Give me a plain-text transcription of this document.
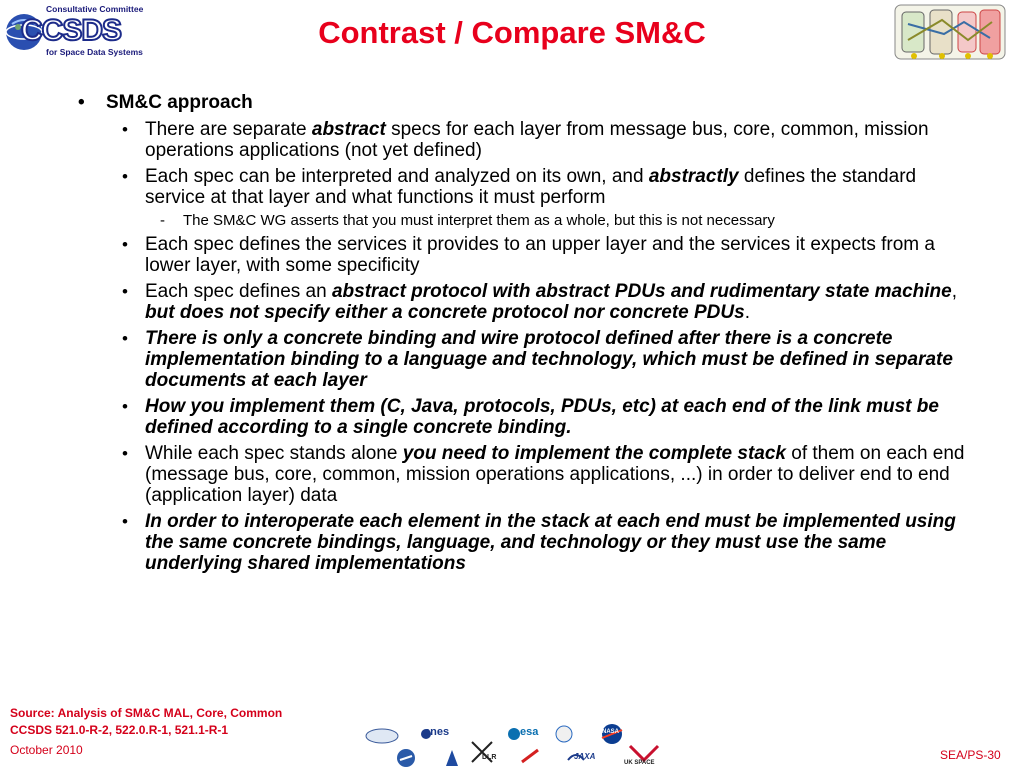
Consultative Committee
CCSDS
for Space Data Systems
Contrast / Compare SM&C
• SM&C approach
• There are separate abstract specs for each layer from message bus, core, common, mission operations applications (not yet defined)
• Each spec can be interpreted and analyzed on its own, and abstractly defines the standard service at that layer and what functions it must perform
- The SM&C WG asserts that you must interpret them as a whole, but this is not necessary
• Each spec defines the services it provides to an upper layer and the services it expects from a lower layer, with some specificity
• Each spec defines an abstract protocol with abstract PDUs and rudimentary state machine, but does not specify either a concrete protocol nor concrete PDUs.
• There is only a concrete binding and wire protocol defined after there is a concrete implementation binding to a language and technology, which must be defined in separate documents at each layer
• How you implement them (C, Java, protocols, PDUs, etc) at each end of the link must be defined according to a single concrete binding.
• While each spec stands alone you need to implement the complete stack of them on each end (message bus, core, common, mission operations applications, ...) in order to deliver end to end (application layer) data
• In order to interoperate each element in the stack at each end must be implemented using the same concrete bindings, language, and technology or they must use the same underlying shared implementations
Source: Analysis of SM&C MAL, Core, Common
CCSDS 521.0-R-2, 522.0.R-1, 521.1-R-1
October 2010	SEA/PS-30
cnes
DLR
esa
JAXA
NASA
UK SPACE
